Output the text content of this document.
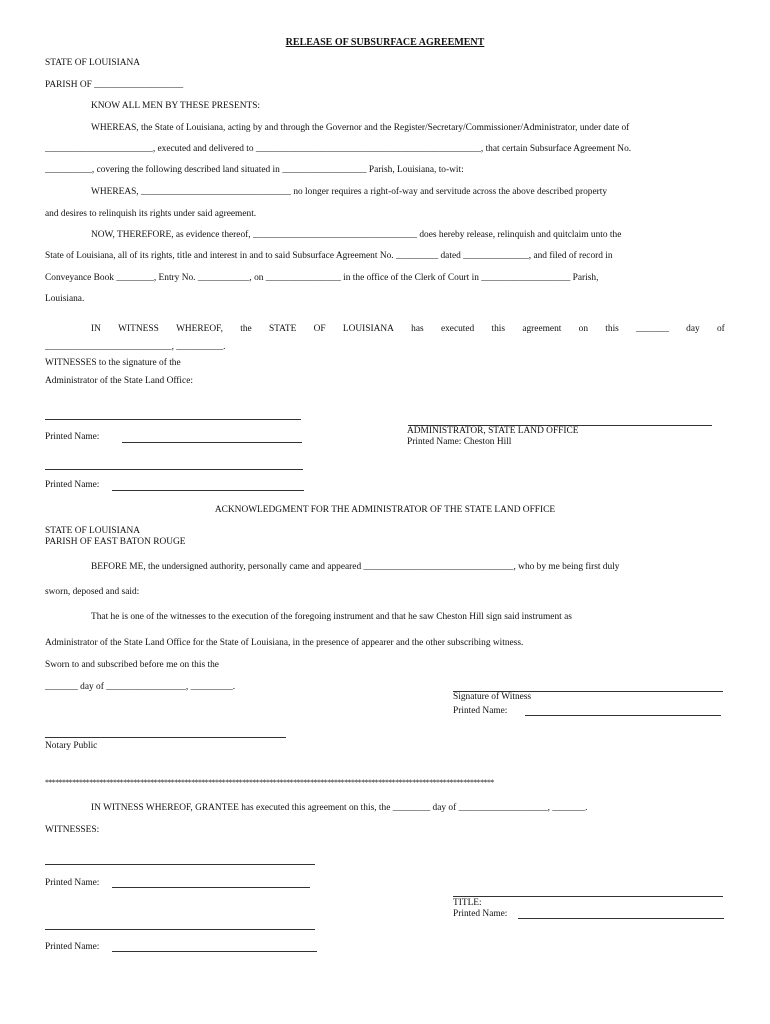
RELEASE OF SUBSURFACE AGREEMENT
STATE OF LOUISIANA
PARISH OF ___________________
KNOW ALL MEN BY THESE PRESENTS:
WHEREAS, the State of Louisiana, acting by and through the Governor and the Register/Secretary/Commissioner/Administrator, under date of
_______________________, executed and delivered to ________________________________________________, that certain Subsurface Agreement No.
__________, covering the following described land situated in __________________ Parish, Louisiana, to-wit:
WHEREAS, ________________________________ no longer requires a right-of-way and servitude across the above described property
and desires to relinquish its rights under said agreement.
NOW, THEREFORE, as evidence thereof, ___________________________________ does hereby release, relinquish and quitclaim unto the
State of Louisiana, all of its rights, title and interest in and to said Subsurface Agreement No. _________ dated ______________, and filed of record in
Conveyance Book ________, Entry No. ___________, on ________________ in the office of the Clerk of Court in ___________________ Parish,
Louisiana.
IN WITNESS WHEREOF, the STATE OF LOUISIANA has executed this agreement on this _______ day of
___________________________, __________.
WITNESSES to the signature of the
Administrator of the State Land Office:
ADMINISTRATOR, STATE LAND OFFICE
Printed Name: Cheston Hill
Printed Name:
Printed Name:
ACKNOWLEDGMENT FOR THE ADMINISTRATOR OF THE STATE LAND OFFICE
STATE OF LOUISIANA
PARISH OF EAST BATON ROUGE
BEFORE ME, the undersigned authority, personally came and appeared ________________________________, who by me being first duly
sworn, deposed and said:
That he is one of the witnesses to the execution of the foregoing instrument and that he saw Cheston Hill sign said instrument as
Administrator of the State Land Office for the State of Louisiana, in the presence of appearer and the other subscribing witness.
Sworn to and subscribed before me on this the
_______ day of _________________, _________.
Signature of Witness
Printed Name:
Notary Public
************************************************************************************************************************************
IN WITNESS WHEREOF, GRANTEE has executed this agreement on this, the ________ day of ___________________, _______.
WITNESSES:
Printed Name:
TITLE:
Printed Name:
Printed Name:
